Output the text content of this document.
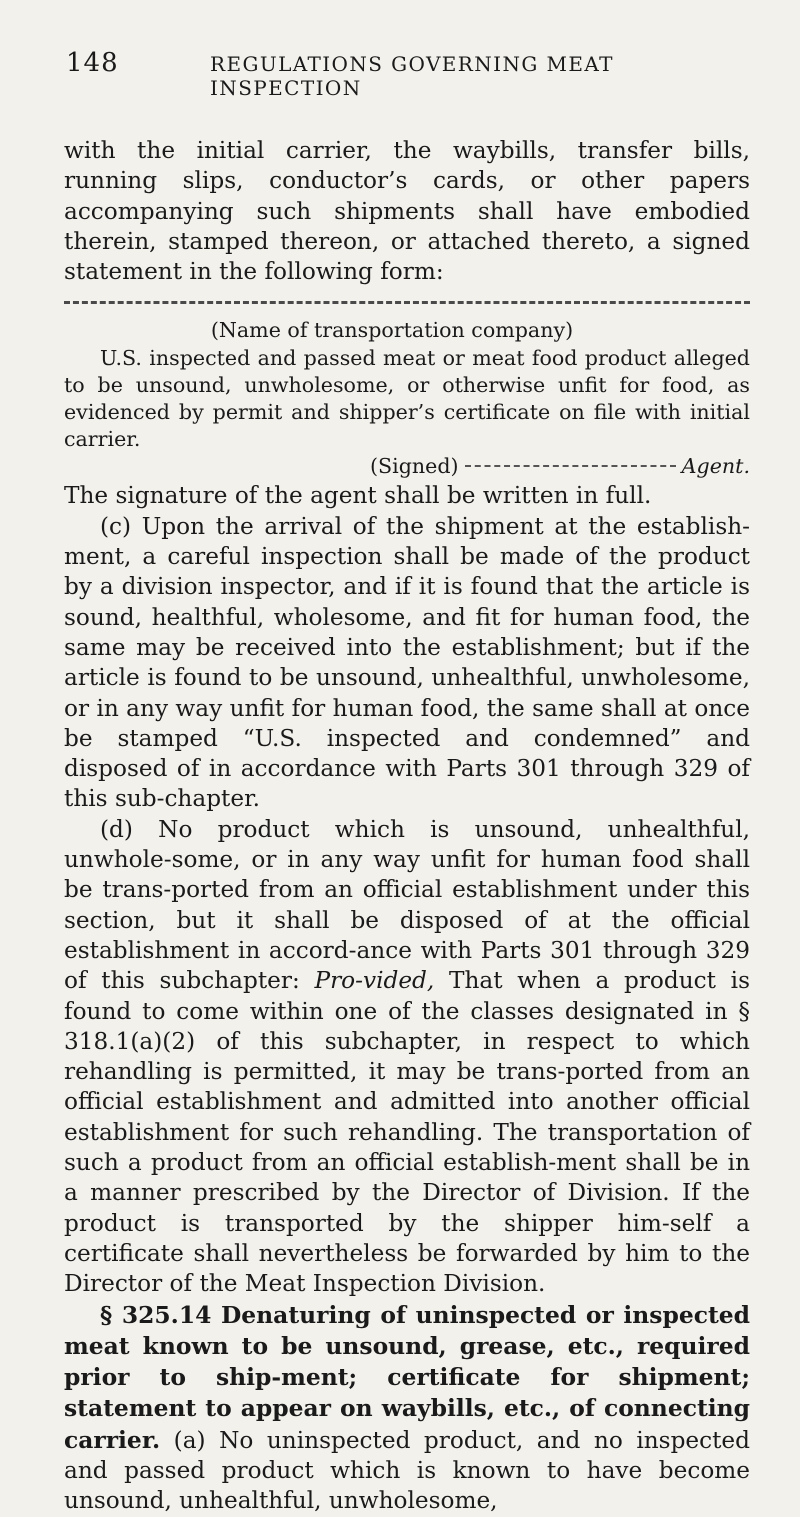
148	REGULATIONS GOVERNING MEAT INSPECTION

with the initial carrier, the waybills, transfer bills, running slips, conductor’s cards, or other papers accompanying such shipments shall have embodied therein, stamped thereon, or attached thereto, a signed statement in the following form:

(Name of transportation company)

U.S. inspected and passed meat or meat food product alleged to be unsound, unwholesome, or otherwise unfit for food, as evidenced by permit and shipper’s certificate on file with initial carrier.

(Signed)	Agent.

The signature of the agent shall be written in full.

(c) Upon the arrival of the shipment at the establish-ment, a careful inspection shall be made of the product by a division inspector, and if it is found that the article is sound, healthful, wholesome, and fit for human food, the same may be received into the establishment; but if the article is found to be unsound, unhealthful, unwholesome, or in any way unfit for human food, the same shall at once be stamped “U.S. inspected and condemned” and disposed of in accordance with Parts 301 through 329 of this sub-chapter.

(d) No product which is unsound, unhealthful, unwhole-some, or in any way unfit for human food shall be trans-ported from an official establishment under this section, but it shall be disposed of at the official establishment in accord-ance with Parts 301 through 329 of this subchapter: Pro-vided, That when a product is found to come within one of the classes designated in § 318.1(a)(2) of this subchapter, in respect to which rehandling is permitted, it may be trans-ported from an official establishment and admitted into another official establishment for such rehandling. The transportation of such a product from an official establish-ment shall be in a manner prescribed by the Director of Division. If the product is transported by the shipper him-self a certificate shall nevertheless be forwarded by him to the Director of the Meat Inspection Division.

§ 325.14 Denaturing of uninspected or inspected meat known to be unsound, grease, etc., required prior to ship-ment; certificate for shipment; statement to appear on waybills, etc., of connecting carrier. (a) No uninspected product, and no inspected and passed product which is known to have become unsound, unhealthful, unwholesome,
